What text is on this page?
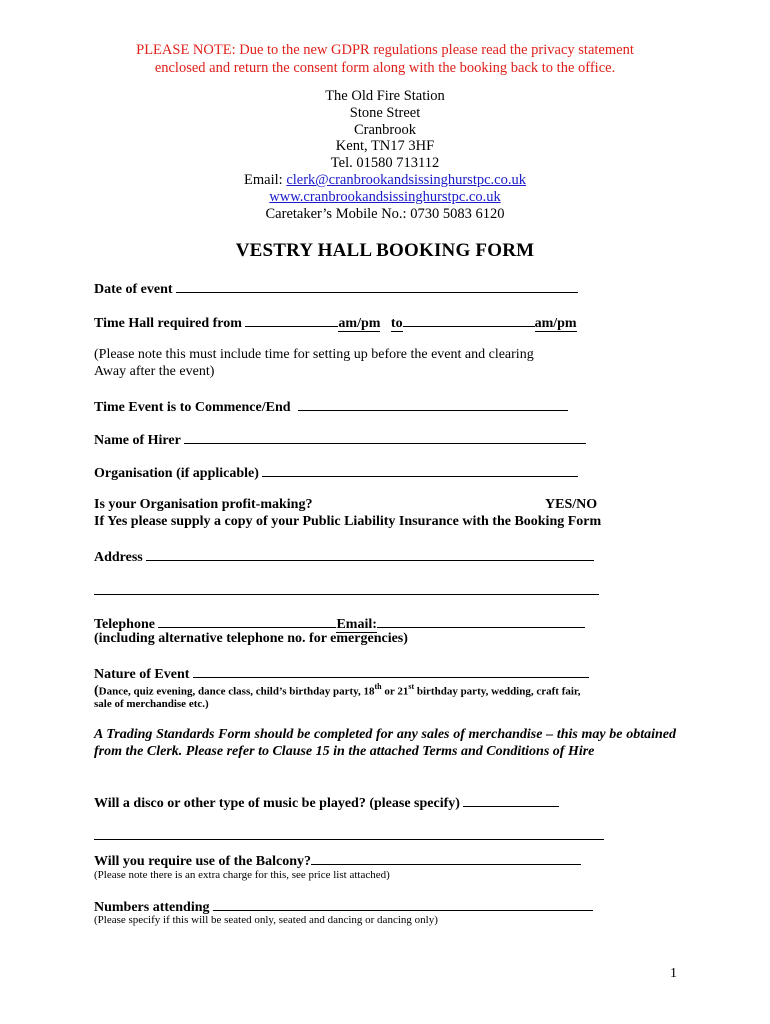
PLEASE NOTE: Due to the new GDPR regulations please read the privacy statement
enclosed and return the consent form along with the booking back to the office.
The Old Fire Station
Stone Street
Cranbrook
Kent, TN17 3HF
Tel. 01580 713112
Email: clerk@cranbrookandsissinghurstpc.co.uk
www.cranbrookandsissinghurstpc.co.uk
Caretaker’s Mobile No.: 0730 5083 6120
VESTRY HALL BOOKING FORM
Date of event
Time Hall required from	am/pm to	am/pm
(Please note this must include time for setting up before the event and clearing
Away after the event)
Time Event is to Commence/End
Name of Hirer
Organisation (if applicable)
Is your Organisation profit-making?	YES/NO
If Yes please supply a copy of your Public Liability Insurance with the Booking Form
Address
Telephone	Email:
(including alternative telephone no. for emergencies)
Nature of Event
(Dance, quiz evening, dance class, child’s birthday party, 18th or 21st birthday party, wedding, craft fair,
sale of merchandise etc.)
A Trading Standards Form should be completed for any sales of merchandise – this may be obtained from the Clerk. Please refer to Clause 15 in the attached Terms and Conditions of Hire
Will a disco or other type of music be played? (please specify)
Will you require use of the Balcony?
(Please note there is an extra charge for this, see price list attached)
Numbers attending
(Please specify if this will be seated only, seated and dancing or dancing only)
1
